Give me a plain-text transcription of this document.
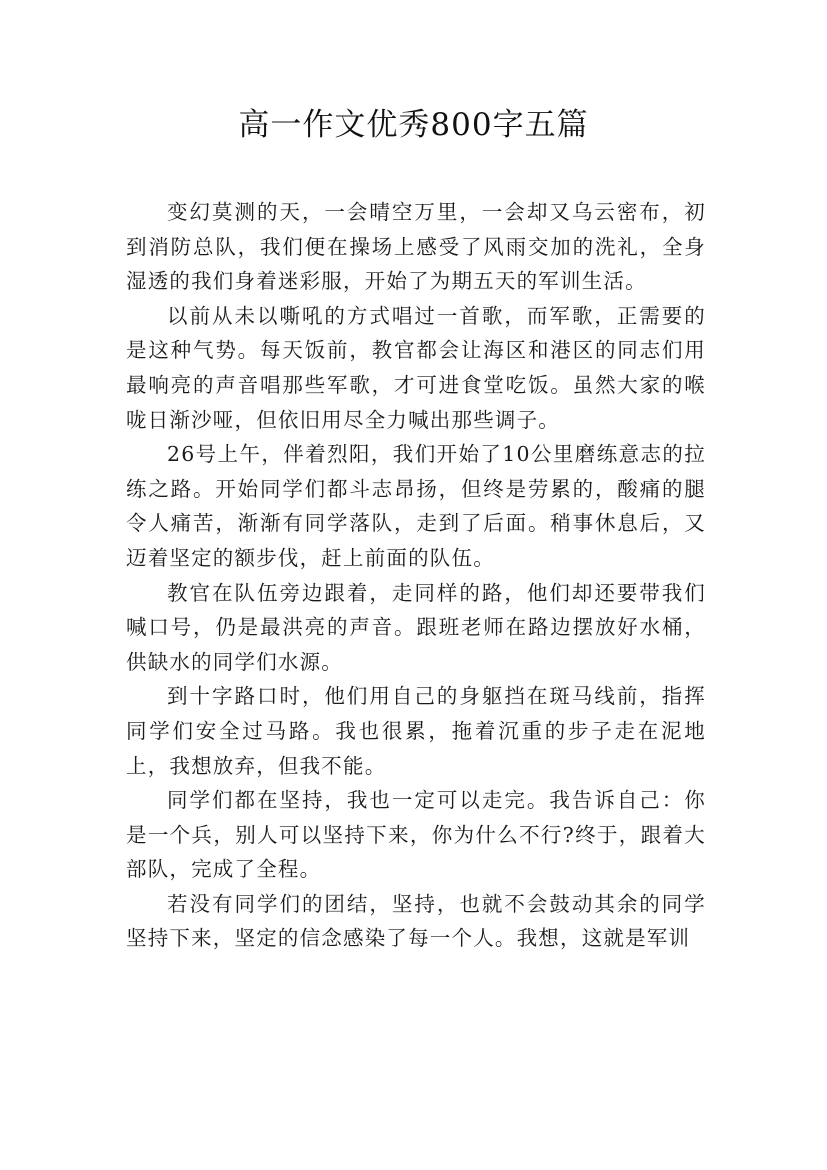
高一作文优秀800字五篇

变幻莫测的天，一会晴空万里，一会却又乌云密布，初到消防总队，我们便在操场上感受了风雨交加的洗礼，全身湿透的我们身着迷彩服，开始了为期五天的军训生活。

以前从未以嘶吼的方式唱过一首歌，而军歌，正需要的是这种气势。每天饭前，教官都会让海区和港区的同志们用最响亮的声音唱那些军歌，才可进食堂吃饭。虽然大家的喉咙日渐沙哑，但依旧用尽全力喊出那些调子。

26号上午，伴着烈阳，我们开始了10公里磨练意志的拉练之路。开始同学们都斗志昂扬，但终是劳累的，酸痛的腿令人痛苦，渐渐有同学落队，走到了后面。稍事休息后，又迈着坚定的额步伐，赶上前面的队伍。

教官在队伍旁边跟着，走同样的路，他们却还要带我们喊口号，仍是最洪亮的声音。跟班老师在路边摆放好水桶，供缺水的同学们水源。

到十字路口时，他们用自己的身躯挡在斑马线前，指挥同学们安全过马路。我也很累，拖着沉重的步子走在泥地上，我想放弃，但我不能。

同学们都在坚持，我也一定可以走完。我告诉自己：你是一个兵，别人可以坚持下来，你为什么不行?终于，跟着大部队，完成了全程。

若没有同学们的团结，坚持，也就不会鼓动其余的同学坚持下来，坚定的信念感染了每一个人。我想，这就是军训
